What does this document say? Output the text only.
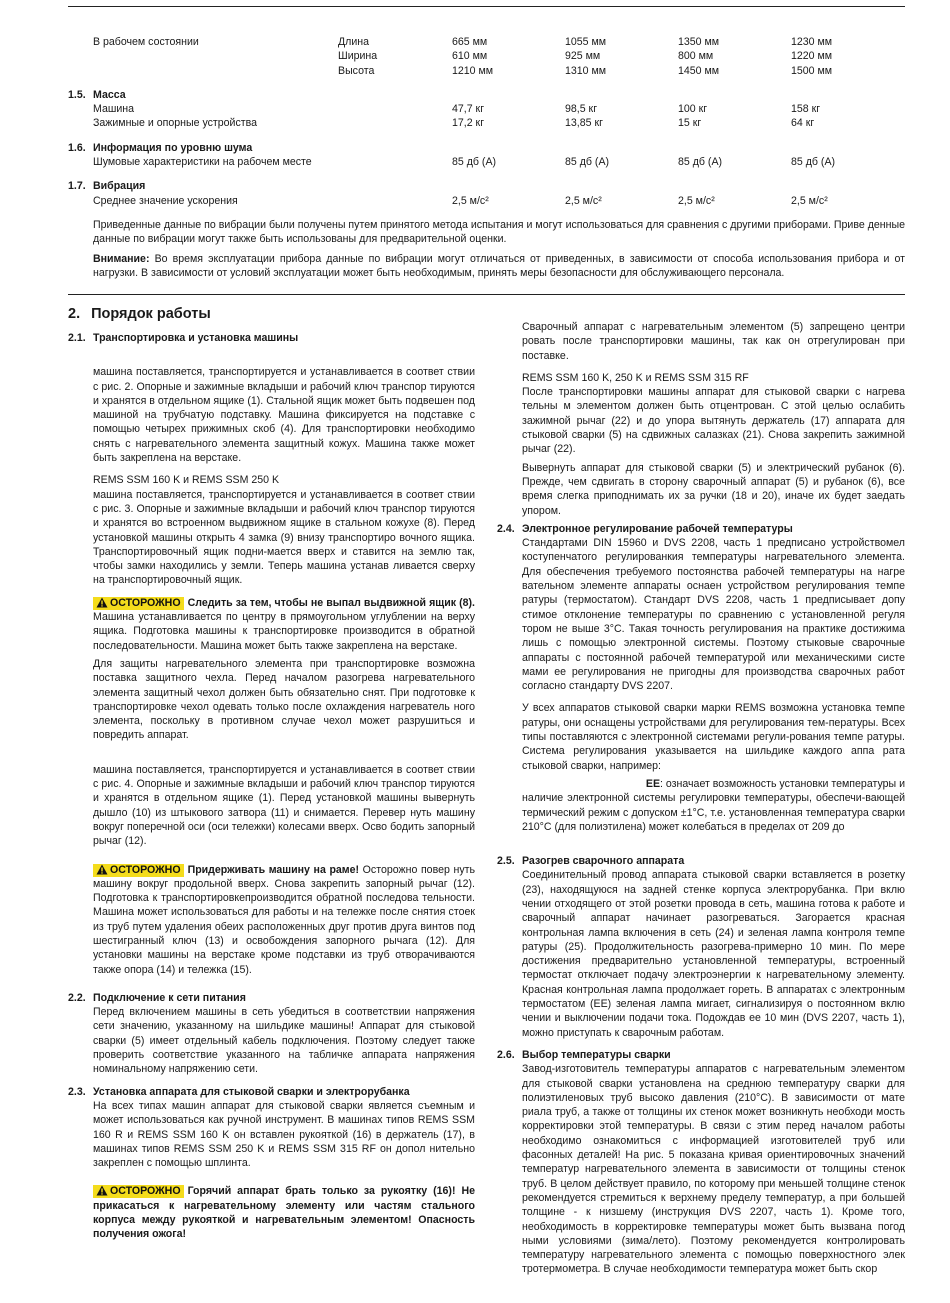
В рабочем состоянии	Длина	665 мм	1055 мм	1350 мм	1230 мм
Ширина	610 мм	925 мм	800 мм	1220 мм
Высота	1210 мм	1310 мм	1450 мм	1500 мм
1.5. Масса
Машина	47,7 кг	98,5 кг	100 кг	158 кг
Зажимные и опорные устройства	17,2 кг	13,85 кг	15 кг	64 кг
1.6. Информация по уровню шума
Шумовые характеристики на рабочем месте	85 дб (A)	85 дб (A)	85 дб (A)	85 дб (A)
1.7. Вибрация
Среднее значение ускорения	2,5 м/с²	2,5 м/с²	2,5 м/с²	2,5 м/с²

Приведенные данные по вибрации были получены путем принятого метода испытания и могут использоваться для сравнения с другими приборами. Приве денные данные по вибрации могут также быть использованы для предварительной оценки.

Внимание: Во время эксплуатации прибора данные по вибрации могут отличаться от приведенных, в зависимости от способа использования прибора и от нагрузки. В зависимости от условий эксплуатации может быть необходимым, принять меры безопасности для обслуживающего персонала.

2. Порядок работы
2.1. Транспортировка и установка машины

машина поставляется, транспортируется и устанавливается в соответ ствии с рис. 2. Опорные и зажимные вкладыши и рабочий ключ транспор тируются и хранятся в отдельном ящике (1). Стальной ящик может быть подвешен под машиной на трубчатую подставку. Машина фиксируется на подставке с помощью четырех прижимных скоб (4). Для транспортировки необходимо снять с нагревательного элемента защитный кожух. Машина также может быть закреплена на верстаке.

REMS SSM 160 K и REMS SSM 250 K

машина поставляется, транспортируется и устанавливается в соответ ствии с рис. 3. Опорные и зажимные вкладыши и рабочий ключ транспор тируются и хранятся во встроенном выдвижном ящике в стальном кожухе (8). Перед установкой машины открыть 4 замка (9) внизу транспортиро вочного ящика. Транспортировочный ящик подни-мается вверх и ставится на землю так, чтобы замки находились у земли. Теперь машина устанав ливается сверху на транспортировочный ящик.

ОСТОРОЖНО Следить за тем, чтобы не выпал выдвижной ящик (8). Машина устанавливается по центру в прямоугольном углублении на верху ящика. Подготовка машины к транспортировке производится в обратной последовательности. Машина может быть также закреплена на верстаке.

Для защиты нагревательного элемента при транспортировке возможна поставка защитного чехла. Перед началом разогрева нагревательного элемента защитный чехол должен быть обязательно снят. При подготовке к транспортировке чехол одевать только после охлаждения нагреватель ного элемента, поскольку в противном случае чехол может разрушиться и повредить аппарат.

машина поставляется, транспортируется и устанавливается в соответ ствии с рис. 4. Опорные и зажимные вкладыши и рабочий ключ транспор тируются и хранятся в отдельном ящике (1). Перед установкой машины вывернуть дышло (10) из штыкового затвора (11) и снимается. Перевер нуть машину вокруг поперечной оси (оси тележки) колесами вверх. Осво бодить запорный рычаг (12).

ОСТОРОЖНО Придерживать машину на раме! Осторожно повер нуть машину вокруг продольной вверх. Снова закрепить запорный рычаг (12). Подготовка к транспортировкепроизводится обратной последова тельности. Машина может использоваться для работы и на тележке после снятия стоек из труб путем удаления обеих расположенных друг против друга винтов под шестигранный ключ (13) и освобождения запорного рычага (12). Для установки машины на верстаке кроме подставки из труб отворачиваются также опора (14) и тележка (15).

2.2. Подключение к сети питания

Перед включением машины в сеть убедиться в соответствии напряжения сети значению, указанному на шильдике машины! Аппарат для стыковой сварки (5) имеет отдельный кабель подключения. Поэтому следует также проверить соответствие указанного на табличке аппарата напряжения номинальному напряжению сети.

2.3. Установка аппарата для стыковой сварки и электрорубанка

На всех типах машин аппарат для стыковой сварки является съемным и может использоваться как ручной инструмент. В машинах типов REMS SSM 160 R и REMS SSM 160 K он вставлен рукояткой (16) в держатель (17), в машинах типов REMS SSM 250 K и REMS SSM 315 RF он допол нительно закреплен с помощью шплинта.

ОСТОРОЖНО Горячий аппарат брать только за рукоятку (16)! Не прикасаться к нагревательному элементу или частям стального корпуса между рукояткой и нагревательным элементом! Опасность получения ожога!

Сварочный аппарат с нагревательным элементом (5) запрещено центри ровать после транспортировки машины, так как он отрегулирован при поставке.

REMS SSM 160 K, 250 K и REMS SSM 315 RF

После транспортировки машины аппарат для стыковой сварки с нагрева тельны м элементом должен быть отцентрован. С этой целью ослабить зажимной рычаг (22) и до упора вытянуть держатель (17) аппарата для стыковой сварки (5) на сдвижных салазках (21). Снова закрепить зажимной рычаг (22).

Вывернуть аппарат для стыковой сварки (5) и электрический рубанок (6). Прежде, чем сдвигать в сторону сварочный аппарат (5) и рубанок (6), все время слегка приподнимать их за ручки (18 и 20), иначе их будет заедать упором.

2.4. Электронное регулирование рабочей температуры

Стандартами DIN 15960 и DVS 2208, часть 1 предписано устройствомел коступенчатого регулированкия температуры нагревательного элемента. Для обеспечения требуемого постоянства рабочей температуры на нагре вательном элементе аппараты оснаен устройством регулирования темпе ратуры (термостатом). Стандарт DVS 2208, часть 1 предписывает допу стимое отклонение температуры по сравнению с установленной регуля тором не выше 3°С. Такая точность регулирования на практике достижима лишь с помощью электронной системы. Поэтому стыковые сварочные аппараты с постоянной рабочей температурой или механическими систе мами ее регулирования не пригодны для производства сварочных работ согласно стандарту DVS 2207.

У всех аппаратов стыковой сварки марки REMS возможна установка темпе ратуры, они оснащены устройствами для регулирования тем-пературы. Всех типы поставляются с электронной системами регули-рования темпе ратуры. Система регулирования указывается на шильдике каждого аппа рата стыковой сварки, например:

EE: означает возможность установки температуры и

наличие электронной системы регулировки температуры, обеспечи-вающей термический режим с допуском ±1°С, т.е. установленная температура сварки 210°С (для полиэтилена) может колебаться в пределах от 209 до

2.5. Разогрев сварочного аппарата

Соединительный провод аппарата стыковой сварки вставляется в розетку (23), находящуюся на задней стенке корпуса электрорубанка. При вклю чении отходящего от этой розетки провода в сеть, машина готова к работе и сварочный аппарат начинает разогреваться. Загорается красная контрольная лампа включения в сеть (24) и зеленая лампа контроля темпе ратуры (25). Продолжительность разогрева-примерно 10 мин. По мере достижения предварительно установленной температуры, встроенный термостат отключает подачу электроэнергии к нагревательному элементу. Красная контрольная лампа продолжает гореть. В аппаратах с электронным термостатом (EE) зеленая лампа мигает, сигнализируя о постоянном вклю чении и выключении подачи тока. Подождав ее 10 мин (DVS 2207, часть 1), можно приступать к сварочным работам.

2.6. Выбор температуры сварки

Завод-изготовитель температуры аппаратов с нагревательным элементом для стыковой сварки установлена на среднюю температуру сварки для полиэтиленовых труб высоко давления (210°С). В зависимости от мате риала труб, а также от толщины их стенок может возникнуть необходи мость корректировки этой температуры. В связи с этим перед началом работы необходимо ознакомиться с информацией изготовителей труб или фасонных деталей! На рис. 5 показана кривая ориентировочных значений температур нагревательного элемента в зависимости от толщины стенок труб. В целом действует правило, по которому при меньшей толщине стенок рекомендуется стремиться к верхнему пределу температур, а при большей толщине - к низшему (инструкция DVS 2207, часть 1). Кроме того, необходимость в корректировке температуры может быть вызвана погод ными условиями (зима/лето). Поэтому рекомендуется контролировать температуру нагревательного элемента с помощью поверхностного элек тротермометра. В случае необходимости температура может быть скор
